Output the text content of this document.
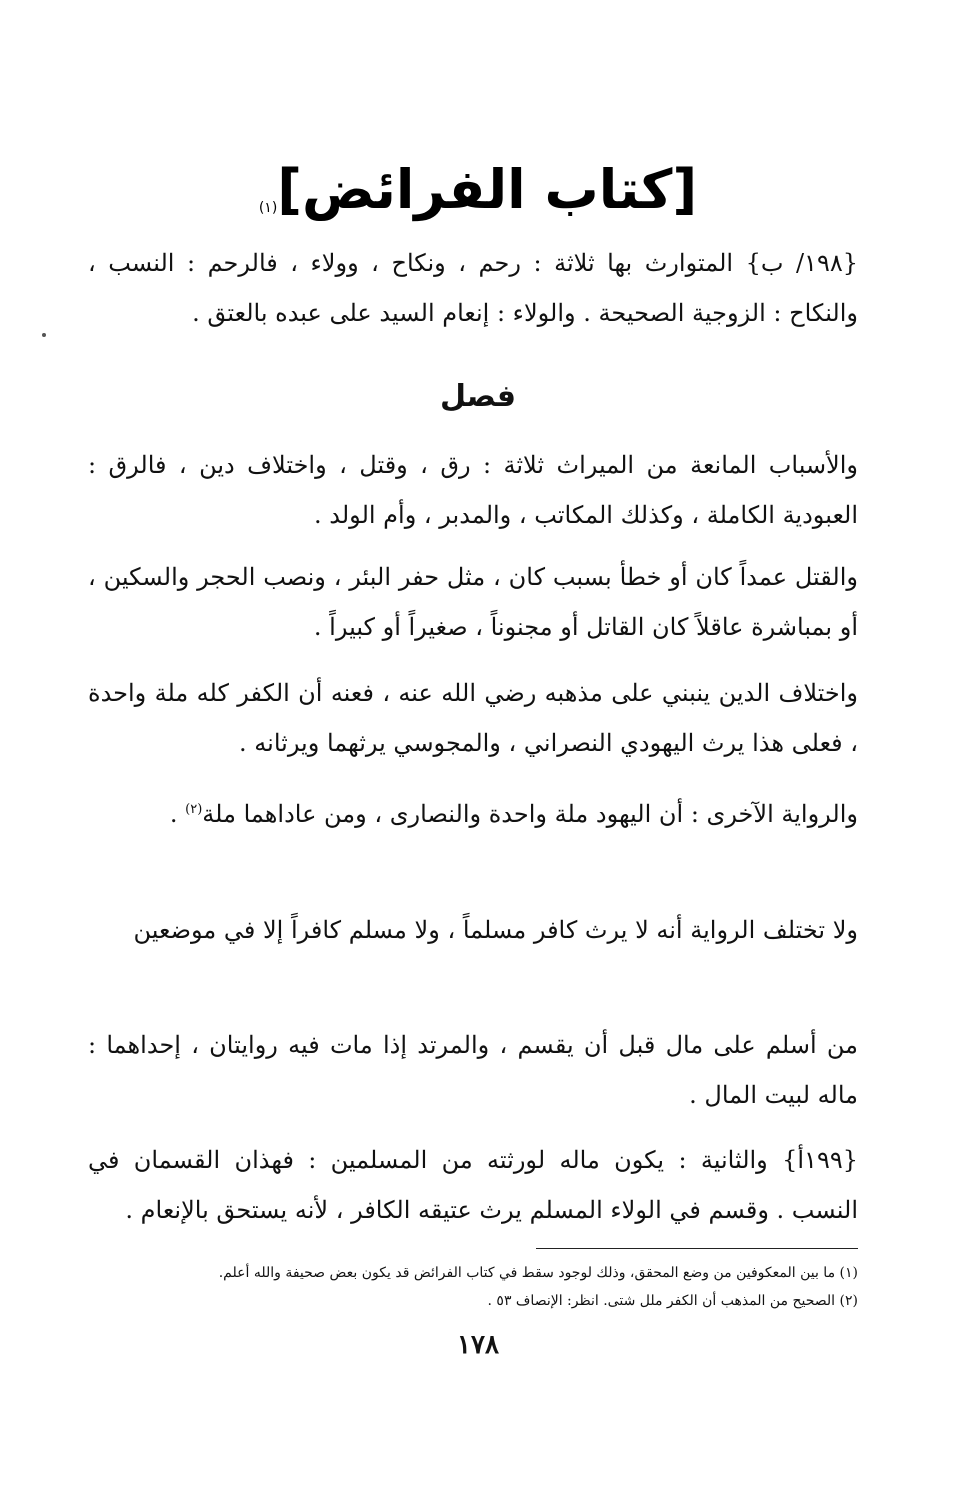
[كتاب الفرائض]$^{(١)}$

{١٩٨/ ب} المتوارث بها ثلاثة : رحم ، ونكاح ، وولاء ، فالرحم : النسب ، والنكاح : الزوجية الصحيحة . والولاء : إنعام السيد على عبده بالعتق .

فصل

والأسباب المانعة من الميراث ثلاثة : رق ، وقتل ، واختلاف دين ، فالرق : العبودية الكاملة ، وكذلك المكاتب ، والمدبر ، وأم الولد .

والقتل عمداً كان أو خطأ بسبب كان ، مثل حفر البئر ، ونصب الحجر والسكين ، أو بمباشرة عاقلاً كان القاتل أو مجنوناً ، صغيراً أو كبيراً .

واختلاف الدين ينبني على مذهبه رضي الله عنه ، فعنه أن الكفر كله ملة واحدة ، فعلى هذا يرث اليهودي النصراني ، والمجوسي يرثهما ويرثانه .

والرواية الآخرى : أن اليهود ملة واحدة والنصارى ، ومن عاداهما ملة$^{(٢)}$ .

ولا تختلف الرواية أنه لا يرث كافر مسلماً ، ولا مسلم كافراً إلا في موضعين

من أسلم على مال قبل أن يقسم ، والمرتد إذا مات فيه روايتان ، إحداهما : ماله لبيت المال .

{١٩٩أ} والثانية : يكون ماله لورثته من المسلمين : فهذان القسمان في النسب . وقسم في الولاء المسلم يرث عتيقه الكافر ، لأنه يستحق بالإنعام .

(١) ما بين المعكوفين من وضع المحقق، وذلك لوجود سقط في كتاب الفرائض قد يكون بعض صحيفة والله أعلم.
(٢) الصحيح من المذهب أن الكفر ملل شتى. انظر: الإنصاف ٥٣ .
١٧٨
